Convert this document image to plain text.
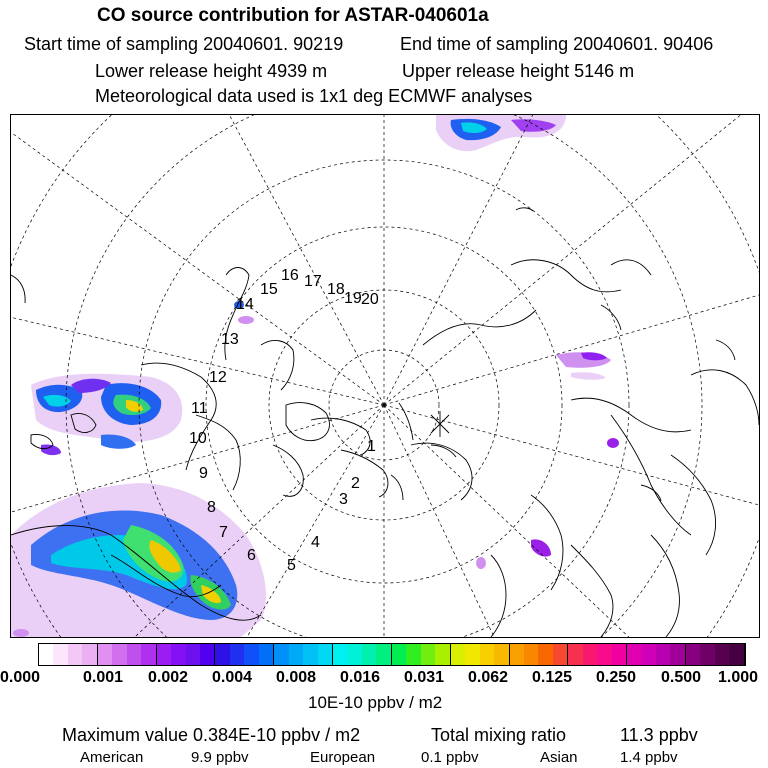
CO source contribution for ASTAR-040601a
Start time of sampling 20040601. 90219	End time of sampling 20040601. 90406
Lower release height 4939 m	Upper release height 5146 m
Meteorological data used is 1x1 deg ECMWF analyses
1
2
3
4
5
6
7
8
9
10
11
12
13
14
15
16 17 18
19 20
0.000	0.001 0.002 0.004 0.008 0.016 0.031 0.062 0.125 0.250 0.500 1.000
10E-10 ppbv / m2
Maximum value 0.384E-10 ppbv / m2	Total mixing ratio	11.3 ppbv
American	9.9 ppbv	European	0.1 ppbv	Asian	1.4 ppbv
